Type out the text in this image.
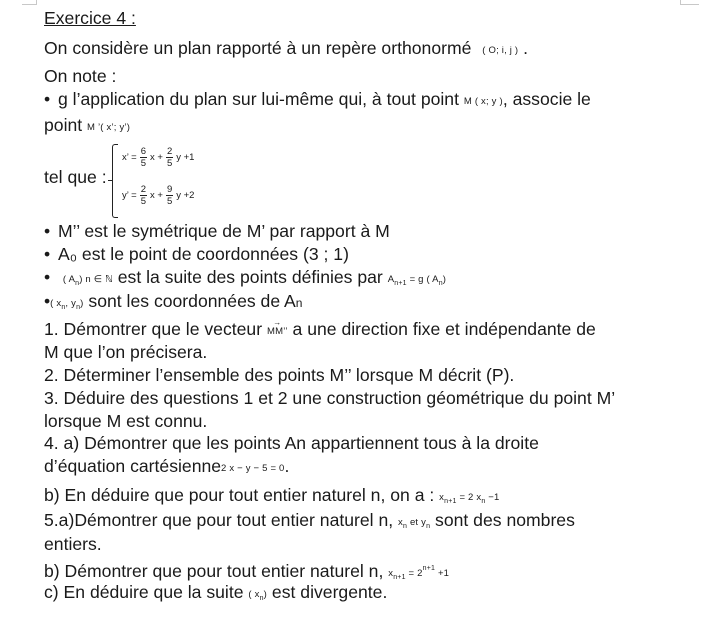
Exercice 4 :
On considère un plan rapporté à un repère orthonormé ( O; i, j ) .
On note :
• g l’application du plan sur lui-même qui, à tout point M ( x; y ), associe le
point M ’( x’; y’)
tel que :
x’ = $\frac{6}{5}$ $x + \frac{2}{5}$ y +1
y’ = $\frac{2}{5}$ $x + \frac{9}{5}$ y +2
• M’’ est le symétrique de M’ par rapport à M
• A₀ est le point de coordonnées (3 ; 1)
• ( $A_n$) n ∈ ℕ est la suite des points définies par $A_{n+1} = g$ ( $A_n$)
•( $x_n$, $y_n$) sont les coordonnées de An
1. Démontrer que le vecteur → MM’’ a une direction fixe et indépendante de
M que l’on précisera.
2. Déterminer l’ensemble des points M’’ lorsque M décrit (P).
3. Déduire des questions 1 et 2 une construction géométrique du point M’
lorsque M est connu.
4. a) Démontrer que les points An appartiennent tous à la droite
d’équation cartésienne2 x − y − 5 = 0.
b) En déduire que pour tout entier naturel n, on a : $x_{n+1} = 2$ $x_n -1$
5.a)Démontrer que pour tout entier naturel n, $x_n$ et $y_n$ sont des nombres
entiers.
b) Démontrer que pour tout entier naturel n, $x_{n+1} = 2^{n+1} +1$
c) En déduire que la suite ( $x_n$) est divergente.
